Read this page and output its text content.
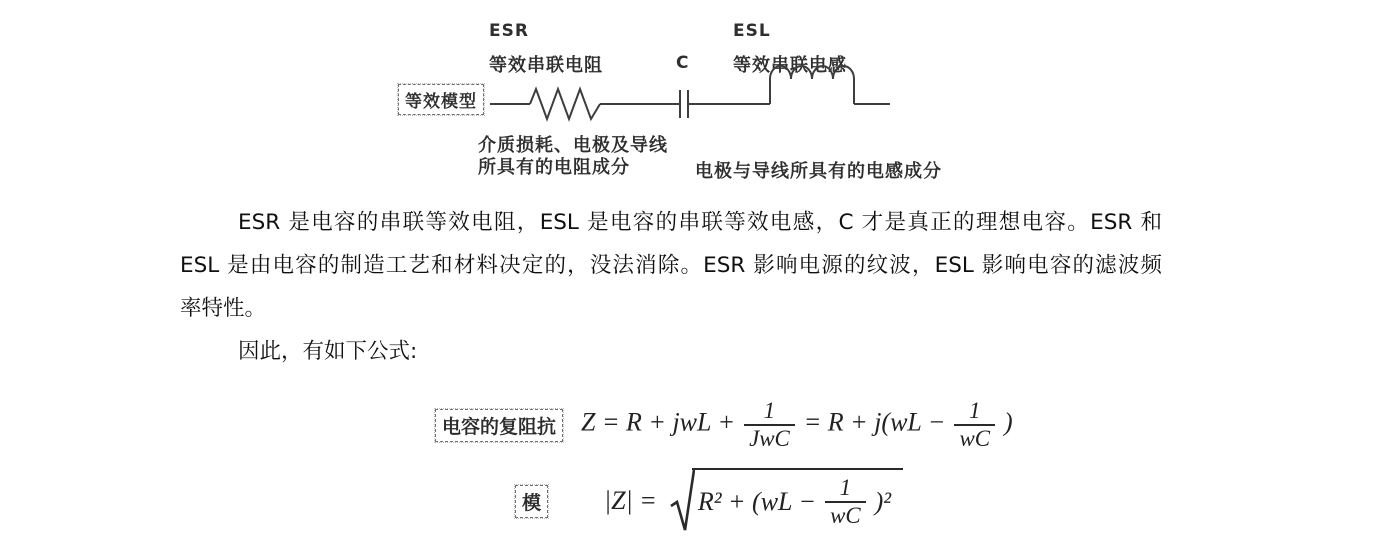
等效模型
ESR
等效串联电阻	C
ESL
等效串联电感
介质损耗、电极及导线
所具有的电阻成分	电极与导线所具有的电感成分
ESR 是电容的串联等效电阻，ESL 是电容的串联等效电感，C 才是真正的理想电容。ESR 和
ESL 是由电容的制造工艺和材料决定的，没法消除。ESR 影响电源的纹波，ESL 影响电容的滤波频
率特性。
因此，有如下公式:
电容的复阻抗 Z = R + jwL + $\frac{1}{\text{JwC}} = R + j(wL - \frac{1}{wC}$ )
模 $|Z| = R^2 + (wL - \frac{1}{wC} )^2$
